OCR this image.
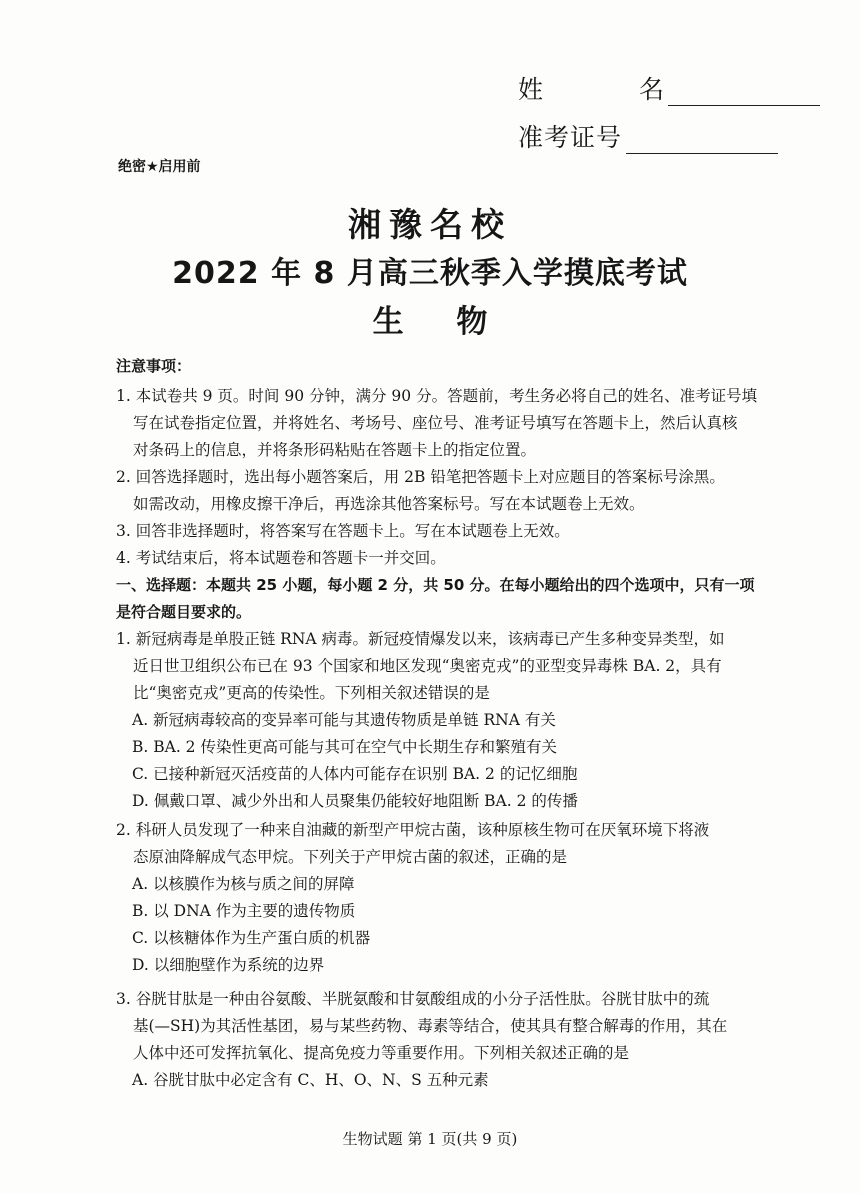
姓 名
准考证号
绝密★启用前
湘豫名校
2022 年 8 月高三秋季入学摸底考试
生 物
注意事项：
1. 本试卷共 9 页。时间 90 分钟，满分 90 分。答题前，考生务必将自己的姓名、准考证号填
写在试卷指定位置，并将姓名、考场号、座位号、准考证号填写在答题卡上，然后认真核
对条码上的信息，并将条形码粘贴在答题卡上的指定位置。
2. 回答选择题时，选出每小题答案后，用 2B 铅笔把答题卡上对应题目的答案标号涂黑。
如需改动，用橡皮擦干净后，再选涂其他答案标号。写在本试题卷上无效。
3. 回答非选择题时，将答案写在答题卡上。写在本试题卷上无效。
4. 考试结束后，将本试题卷和答题卡一并交回。
一、选择题：本题共 25 小题，每小题 2 分，共 50 分。在每小题给出的四个选项中，只有一项
是符合题目要求的。
1. 新冠病毒是单股正链 RNA 病毒。新冠疫情爆发以来，该病毒已产生多种变异类型，如
近日世卫组织公布已在 93 个国家和地区发现“奥密克戎”的亚型变异毒株 BA. 2，具有
比“奥密克戎”更高的传染性。下列相关叙述错误的是
A. 新冠病毒较高的变异率可能与其遗传物质是单链 RNA 有关
B. BA. 2 传染性更高可能与其可在空气中长期生存和繁殖有关
C. 已接种新冠灭活疫苗的人体内可能存在识别 BA. 2 的记忆细胞
D. 佩戴口罩、减少外出和人员聚集仍能较好地阻断 BA. 2 的传播
2. 科研人员发现了一种来自油藏的新型产甲烷古菌，该种原核生物可在厌氧环境下将液
态原油降解成气态甲烷。下列关于产甲烷古菌的叙述，正确的是
A. 以核膜作为核与质之间的屏障
B. 以 DNA 作为主要的遗传物质
C. 以核糖体作为生产蛋白质的机器
D. 以细胞壁作为系统的边界
3. 谷胱甘肽是一种由谷氨酸、半胱氨酸和甘氨酸组成的小分子活性肽。谷胱甘肽中的巯
基(—SH)为其活性基团，易与某些药物、毒素等结合，使其具有整合解毒的作用，其在
人体中还可发挥抗氧化、提高免疫力等重要作用。下列相关叙述正确的是
A. 谷胱甘肽中必定含有 C、H、O、N、S 五种元素
生物试题 第 1 页(共 9 页)
